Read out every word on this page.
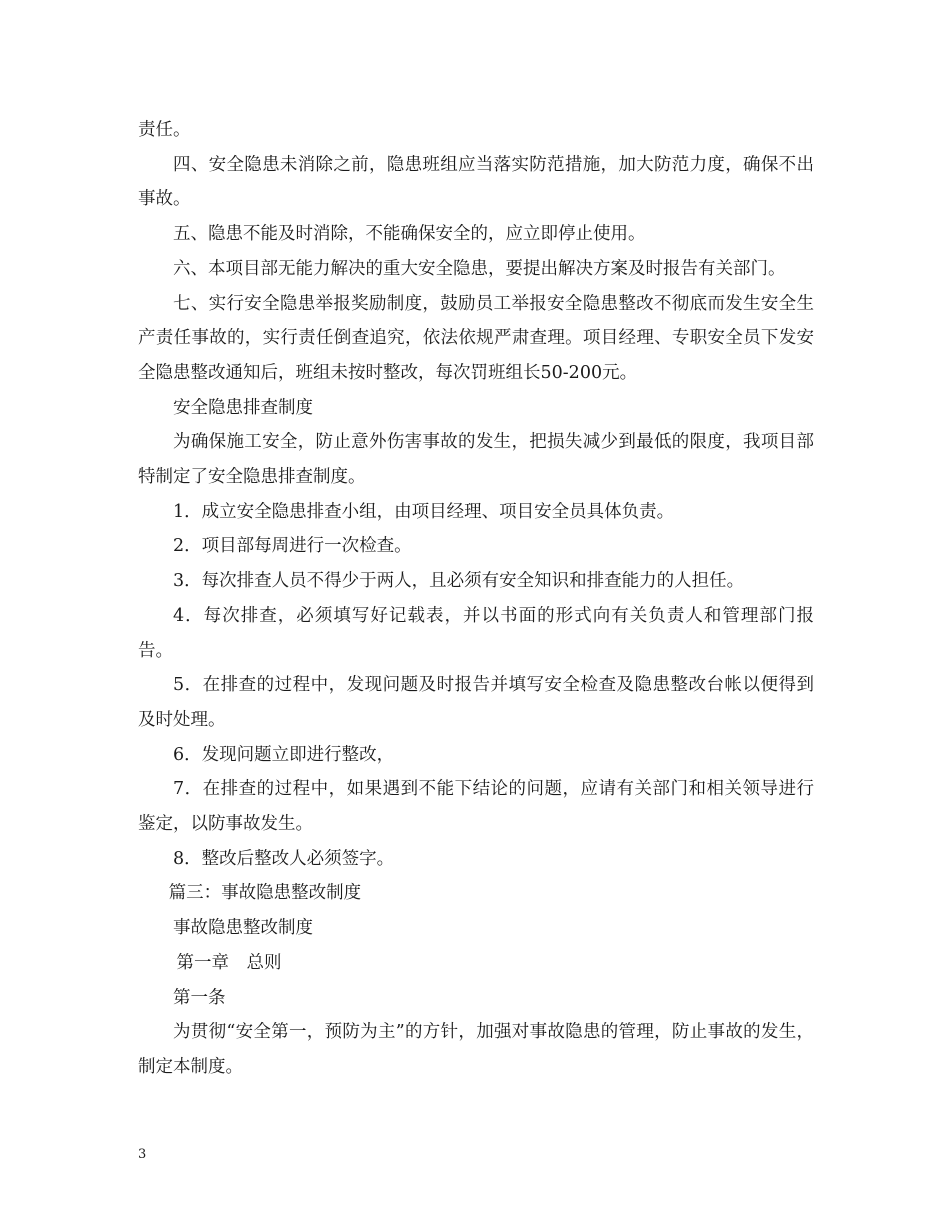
责任。

四、安全隐患未消除之前，隐患班组应当落实防范措施，加大防范力度，确保不出事故。

五、隐患不能及时消除，不能确保安全的，应立即停止使用。

六、本项目部无能力解决的重大安全隐患，要提出解决方案及时报告有关部门。

七、实行安全隐患举报奖励制度，鼓励员工举报安全隐患整改不彻底而发生安全生产责任事故的，实行责任倒查追究，依法依规严肃查理。项目经理、专职安全员下发安全隐患整改通知后，班组未按时整改，每次罚班组长50-200元。

安全隐患排查制度

为确保施工安全，防止意外伤害事故的发生，把损失减少到最低的限度，我项目部特制定了安全隐患排查制度。

1．成立安全隐患排查小组，由项目经理、项目安全员具体负责。

2．项目部每周进行一次检查。

3．每次排查人员不得少于两人，且必须有安全知识和排查能力的人担任。

4．每次排查，必须填写好记载表，并以书面的形式向有关负责人和管理部门报告。

5．在排查的过程中，发现问题及时报告并填写安全检查及隐患整改台帐以便得到及时处理。

6．发现问题立即进行整改，

7．在排查的过程中，如果遇到不能下结论的问题，应请有关部门和相关领导进行鉴定，以防事故发生。

8．整改后整改人必须签字。

篇三：事故隐患整改制度

事故隐患整改制度

第一章　总则

第一条

为贯彻“安全第一，预防为主”的方针，加强对事故隐患的管理，防止事故的发生，制定本制度。

3
